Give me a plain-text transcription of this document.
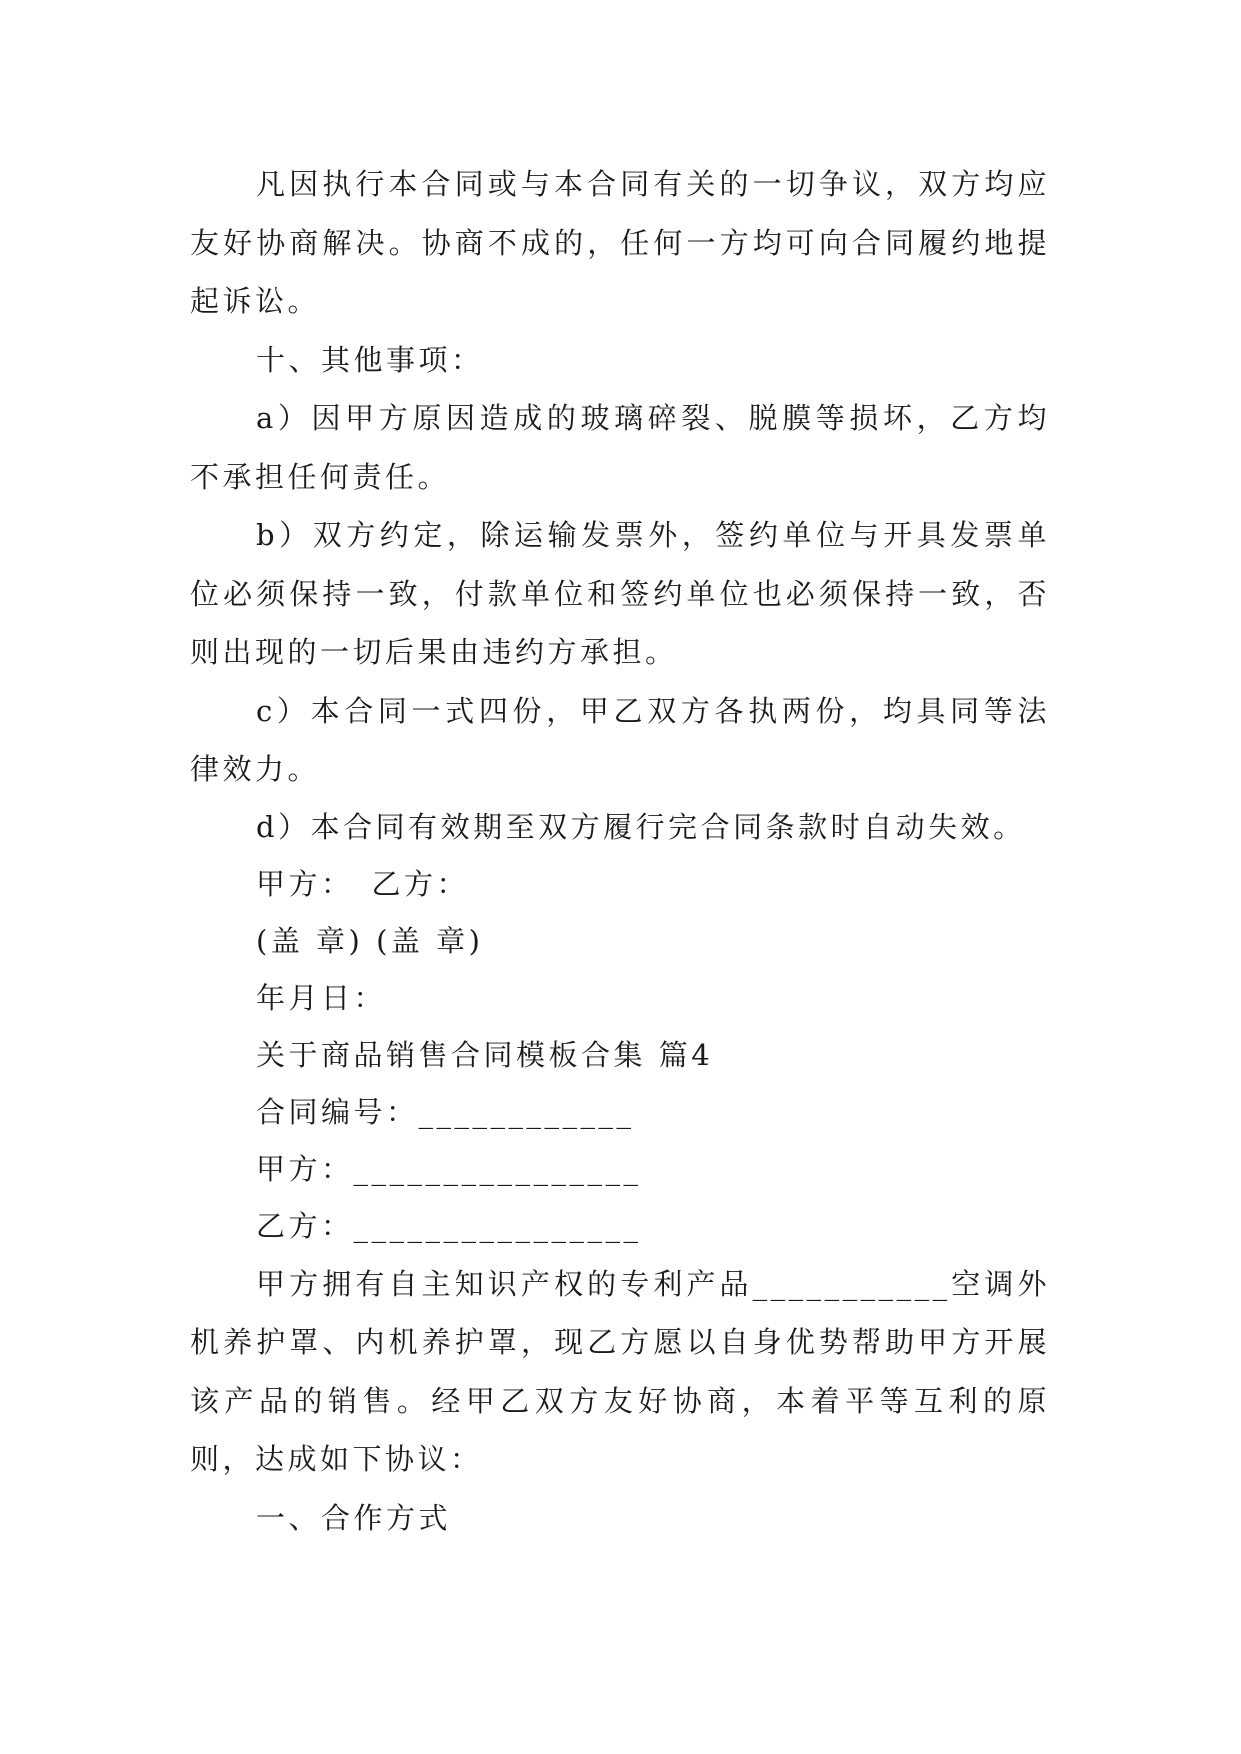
凡因执行本合同或与本合同有关的一切争议，双方均应友好协商解决。协商不成的，任何一方均可向合同履约地提起诉讼。

十、其他事项：

a）因甲方原因造成的玻璃碎裂、脱膜等损坏，乙方均不承担任何责任。

b）双方约定，除运输发票外，签约单位与开具发票单位必须保持一致，付款单位和签约单位也必须保持一致，否则出现的一切后果由违约方承担。

c）本合同一式四份，甲乙双方各执两份，均具同等法律效力。

d）本合同有效期至双方履行完合同条款时自动失效。

甲方：　乙方：

(盖 章) (盖 章)

年月日：

关于商品销售合同模板合集 篇4

合同编号：____________

甲方：________________

乙方：________________

甲方拥有自主知识产权的专利产品___________空调外机养护罩、内机养护罩，现乙方愿以自身优势帮助甲方开展该产品的销售。经甲乙双方友好协商，本着平等互利的原则，达成如下协议：

一、合作方式
